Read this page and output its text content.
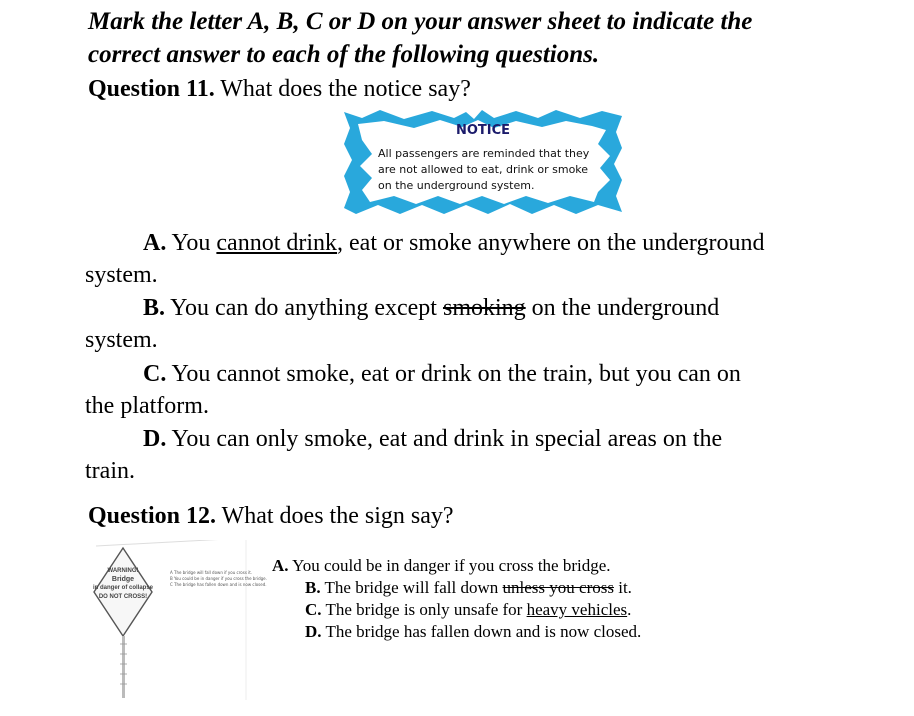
Mark the letter A, B, C or D on your answer sheet to indicate the
correct answer to each of the following questions.
Question 11. What does the notice say?
NOTICE
All passengers are reminded that they
are not allowed to eat, drink or smoke
on the underground system.
A. You cannot drink, eat or smoke anywhere on the underground
system.
B. You can do anything except smoking on the underground
system.
C. You cannot smoke, eat or drink on the train, but you can on
the platform.
D. You can only smoke, eat and drink in special areas on the
train.
Question 12. What does the sign say?
WARNING!
Bridge
in danger of collapse
DO NOT CROSS!
A The bridge will fall down if you cross it.
B You could be in danger if you cross the bridge.
C The bridge has fallen down and is now closed.
A. You could be in danger if you cross the bridge.
B. The bridge will fall down unless you cross it.
C. The bridge is only unsafe for heavy vehicles.
D. The bridge has fallen down and is now closed.
